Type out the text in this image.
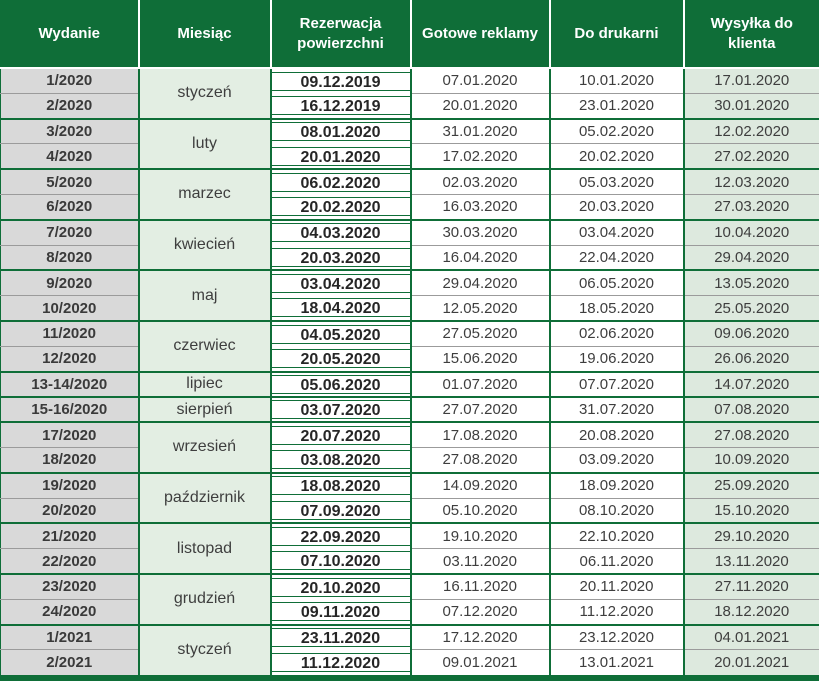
Wydanie	Miesiąc	Rezerwacja powierzchni	Gotowe reklamy	Do drukarni	Wysyłka do klienta
1/2020	styczeń	09.12.2019	07.01.2020	10.01.2020	17.01.2020
2/2020		16.12.2019	20.01.2020	23.01.2020	30.01.2020
3/2020	luty	08.01.2020	31.01.2020	05.02.2020	12.02.2020
4/2020		20.01.2020	17.02.2020	20.02.2020	27.02.2020
5/2020	marzec	06.02.2020	02.03.2020	05.03.2020	12.03.2020
6/2020		20.02.2020	16.03.2020	20.03.2020	27.03.2020
7/2020	kwiecień	04.03.2020	30.03.2020	03.04.2020	10.04.2020
8/2020		20.03.2020	16.04.2020	22.04.2020	29.04.2020
9/2020	maj	03.04.2020	29.04.2020	06.05.2020	13.05.2020
10/2020		18.04.2020	12.05.2020	18.05.2020	25.05.2020
11/2020	czerwiec	04.05.2020	27.05.2020	02.06.2020	09.06.2020
12/2020		20.05.2020	15.06.2020	19.06.2020	26.06.2020
13-14/2020	lipiec	05.06.2020	01.07.2020	07.07.2020	14.07.2020
15-16/2020	sierpień	03.07.2020	27.07.2020	31.07.2020	07.08.2020
17/2020	wrzesień	20.07.2020	17.08.2020	20.08.2020	27.08.2020
18/2020		03.08.2020	27.08.2020	03.09.2020	10.09.2020
19/2020	październik	18.08.2020	14.09.2020	18.09.2020	25.09.2020
20/2020		07.09.2020	05.10.2020	08.10.2020	15.10.2020
21/2020	listopad	22.09.2020	19.10.2020	22.10.2020	29.10.2020
22/2020		07.10.2020	03.11.2020	06.11.2020	13.11.2020
23/2020	grudzień	20.10.2020	16.11.2020	20.11.2020	27.11.2020
24/2020		09.11.2020	07.12.2020	11.12.2020	18.12.2020
1/2021	styczeń	23.11.2020	17.12.2020	23.12.2020	04.01.2021
2/2021		11.12.2020	09.01.2021	13.01.2021	20.01.2021
